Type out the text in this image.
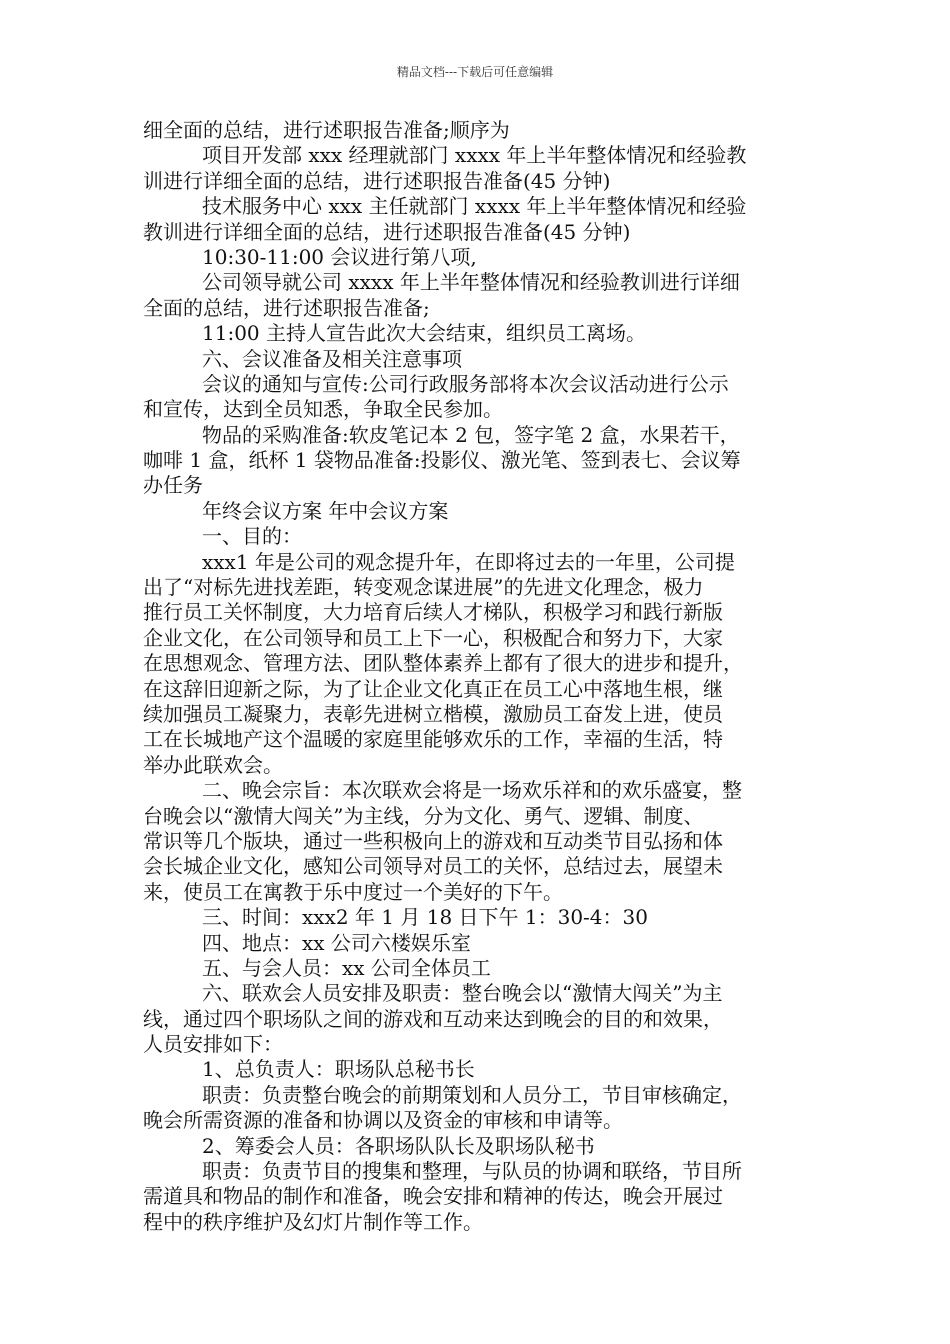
精品文档---下载后可任意编辑
细全面的总结，进行述职报告准备;顺序为
项目开发部 xxx 经理就部门 xxxx 年上半年整体情况和经验教
训进行详细全面的总结，进行述职报告准备(45 分钟)
技术服务中心 xxx 主任就部门 xxxx 年上半年整体情况和经验
教训进行详细全面的总结，进行述职报告准备(45 分钟)
10:30-11:00 会议进行第八项,
公司领导就公司 xxxx 年上半年整体情况和经验教训进行详细
全面的总结，进行述职报告准备;
11:00 主持人宣告此次大会结束，组织员工离场。
六、会议准备及相关注意事项
会议的通知与宣传:公司行政服务部将本次会议活动进行公示
和宣传，达到全员知悉，争取全民参加。
物品的采购准备:软皮笔记本 2 包，签字笔 2 盒，水果若干，
咖啡 1 盒，纸杯 1 袋物品准备:投影仪、激光笔、签到表七、会议筹
办任务
年终会议方案 年中会议方案
一、目的：
xxx1 年是公司的观念提升年，在即将过去的一年里，公司提
出了“对标先进找差距，转变观念谋进展”的先进文化理念，极力
推行员工关怀制度，大力培育后续人才梯队，积极学习和践行新版
企业文化，在公司领导和员工上下一心，积极配合和努力下，大家
在思想观念、管理方法、团队整体素养上都有了很大的进步和提升，
在这辞旧迎新之际，为了让企业文化真正在员工心中落地生根，继
续加强员工凝聚力，表彰先进树立楷模，激励员工奋发上进，使员
工在长城地产这个温暖的家庭里能够欢乐的工作，幸福的生活，特
举办此联欢会。
二、晚会宗旨：本次联欢会将是一场欢乐祥和的欢乐盛宴，整
台晚会以“激情大闯关”为主线，分为文化、勇气、逻辑、制度、
常识等几个版块，通过一些积极向上的游戏和互动类节目弘扬和体
会长城企业文化，感知公司领导对员工的关怀，总结过去，展望未
来，使员工在寓教于乐中度过一个美好的下午。
三、时间：xxx2 年 1 月 18 日下午 1：30-4：30
四、地点：xx 公司六楼娱乐室
五、与会人员：xx 公司全体员工
六、联欢会人员安排及职责：整台晚会以“激情大闯关”为主
线，通过四个职场队之间的游戏和互动来达到晚会的目的和效果，
人员安排如下：
1、总负责人：职场队总秘书长
职责：负责整台晚会的前期策划和人员分工，节目审核确定，
晚会所需资源的准备和协调以及资金的审核和申请等。
2、筹委会人员：各职场队队长及职场队秘书
职责：负责节目的搜集和整理，与队员的协调和联络，节目所
需道具和物品的制作和准备，晚会安排和精神的传达，晚会开展过
程中的秩序维护及幻灯片制作等工作。
